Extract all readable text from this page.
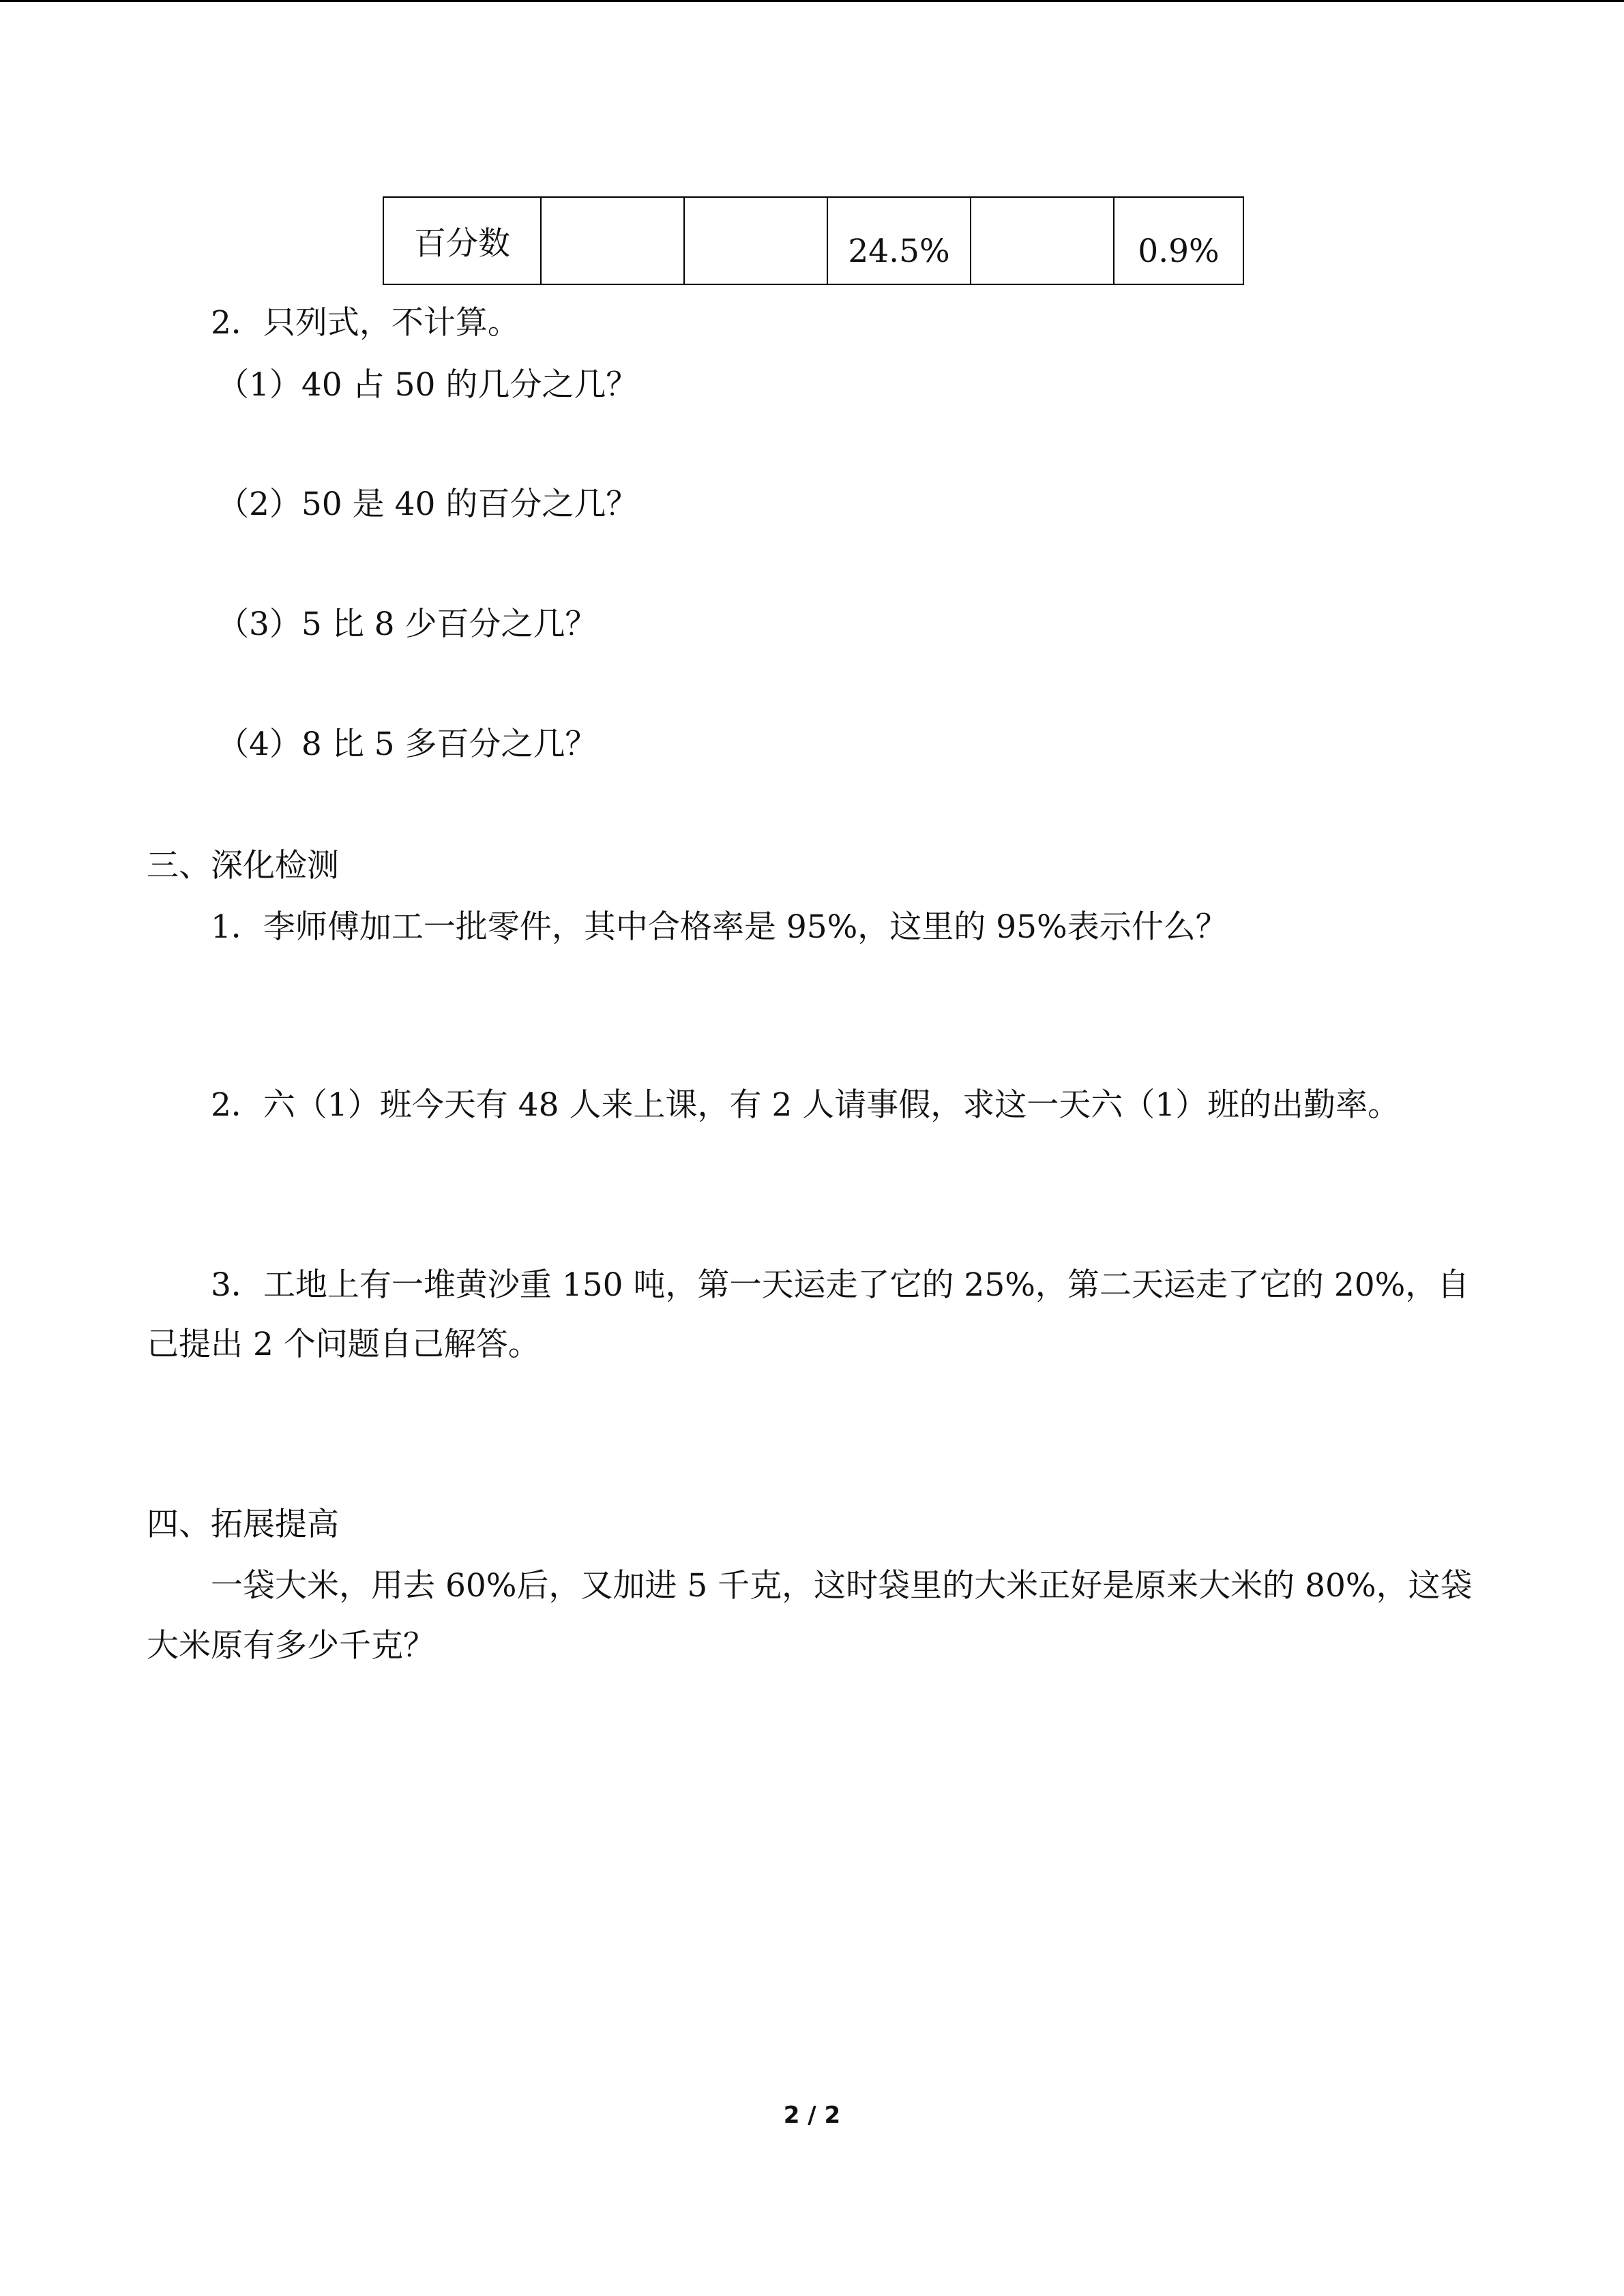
百分数			24.5%		0.9%
2．只列式，不计算。
（1）40 占 50 的几分之几？
（2）50 是 40 的百分之几？
（3）5 比 8 少百分之几？
（4）8 比 5 多百分之几？
三、深化检测
1．李师傅加工一批零件，其中合格率是 95%，这里的 95%表示什么？
2．六（1）班今天有 48 人来上课，有 2 人请事假，求这一天六（1）班的出勤率。
3．工地上有一堆黄沙重 150 吨，第一天运走了它的 25%，第二天运走了它的 20%，自
己提出 2 个问题自己解答。
四、拓展提高
一袋大米，用去 60%后，又加进 5 千克，这时袋里的大米正好是原来大米的 80%，这袋
大米原有多少千克？
2 / 2
